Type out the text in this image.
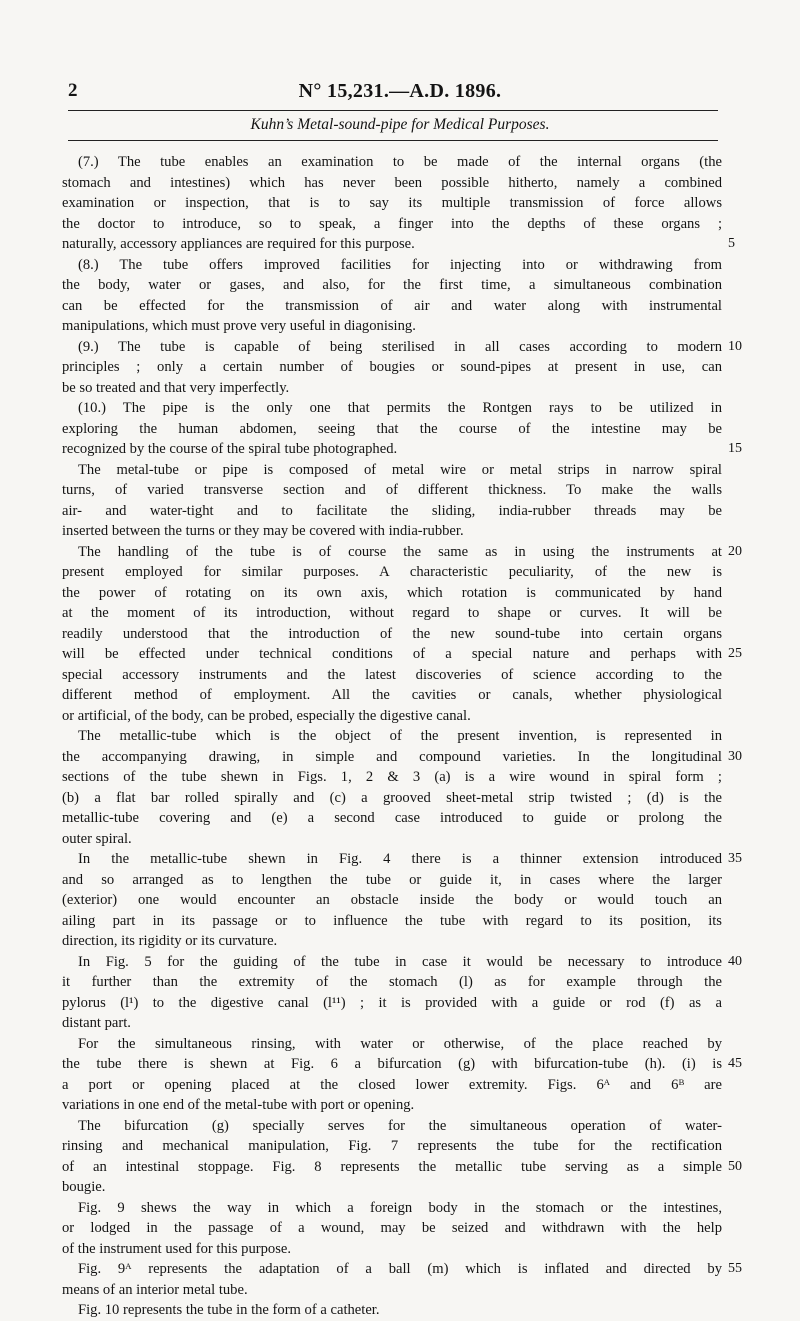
2	N° 15,231.—A.D. 1896.
Kuhn’s Metal-sound-pipe for Medical Purposes.
(7.) The tube enables an examination to be made of the internal organs (the
stomach and intestines) which has never been possible hitherto, namely a combined
examination or inspection, that is to say its multiple transmission of force allows
the doctor to introduce, so to speak, a finger into the depths of these organs ;
naturally, accessory appliances are required for this purpose.
(8.) The tube offers improved facilities for injecting into or withdrawing from
the body, water or gases, and also, for the first time, a simultaneous combination
can be effected for the transmission of air and water along with instrumental
manipulations, which must prove very useful in diagonising.
(9.) The tube is capable of being sterilised in all cases according to modern
principles ; only a certain number of bougies or sound-pipes at present in use, can
be so treated and that very imperfectly.
(10.) The pipe is the only one that permits the Rontgen rays to be utilized in
exploring the human abdomen, seeing that the course of the intestine may be
recognized by the course of the spiral tube photographed.
The metal-tube or pipe is composed of metal wire or metal strips in narrow spiral
turns, of varied transverse section and of different thickness. To make the walls
air- and water-tight and to facilitate the sliding, india-rubber threads may be
inserted between the turns or they may be covered with india-rubber.
The handling of the tube is of course the same as in using the instruments at
present employed for similar purposes. A characteristic peculiarity, of the new is
the power of rotating on its own axis, which rotation is communicated by hand
at the moment of its introduction, without regard to shape or curves. It will be
readily understood that the introduction of the new sound-tube into certain organs
will be effected under technical conditions of a special nature and perhaps with
special accessory instruments and the latest discoveries of science according to the
different method of employment. All the cavities or canals, whether physiological
or artificial, of the body, can be probed, especially the digestive canal.
The metallic-tube which is the object of the present invention, is represented in
the accompanying drawing, in simple and compound varieties. In the longitudinal
sections of the tube shewn in Figs. 1, 2 & 3 (a) is a wire wound in spiral form ;
(b) a flat bar rolled spirally and (c) a grooved sheet-metal strip twisted ; (d) is the
metallic-tube covering and (e) a second case introduced to guide or prolong the
outer spiral.
In the metallic-tube shewn in Fig. 4 there is a thinner extension introduced
and so arranged as to lengthen the tube or guide it, in cases where the larger
(exterior) one would encounter an obstacle inside the body or would touch an
ailing part in its passage or to influence the tube with regard to its position, its
direction, its rigidity or its curvature.
In Fig. 5 for the guiding of the tube in case it would be necessary to introduce
it further than the extremity of the stomach (l) as for example through the
pylorus (l¹) to the digestive canal (l¹¹) ; it is provided with a guide or rod (f) as a
distant part.
For the simultaneous rinsing, with water or otherwise, of the place reached by
the tube there is shewn at Fig. 6 a bifurcation (g) with bifurcation-tube (h). (i) is
a port or opening placed at the closed lower extremity. Figs. 6ᴬ and 6ᴮ are
variations in one end of the metal-tube with port or opening.
The bifurcation (g) specially serves for the simultaneous operation of water-
rinsing and mechanical manipulation, Fig. 7 represents the tube for the rectification
of an intestinal stoppage. Fig. 8 represents the metallic tube serving as a simple
bougie.
Fig. 9 shews the way in which a foreign body in the stomach or the intestines,
or lodged in the passage of a wound, may be seized and withdrawn with the help
of the instrument used for this purpose.
Fig. 9ᴬ represents the adaptation of a ball (m) which is inflated and directed by
means of an interior metal tube.
Fig. 10 represents the tube in the form of a catheter.
5
10
15
20
25
30
35
40
45
50
55
